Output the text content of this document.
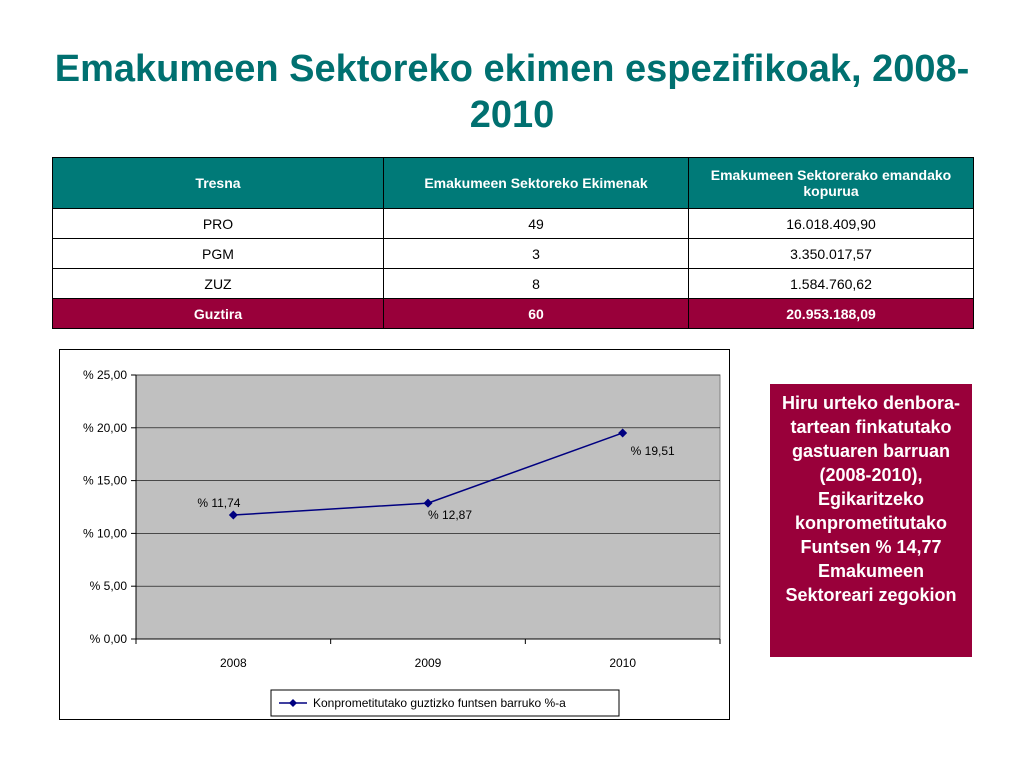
Emakumeen Sektoreko ekimen espezifikoak, 2008-2010
Tresna	Emakumeen Sektoreko Ekimenak	Emakumeen Sektorerako emandako kopurua
PRO	49	16.018.409,90
PGM	3	3.350.017,57
ZUZ	8	1.584.760,62
Guztira	60	20.953.188,09
% 0,00
% 5,00
% 10,00
% 15,00
% 20,00
% 25,00
2008	2009	2010
% 11,74
% 12,87
% 19,51
Konprometitutako guztizko funtsen barruko %-a
Hiru urteko denbora-tartean finkatutako gastuaren barruan (2008-2010), Egikaritzeko konprometitutako Funtsen % 14,77 Emakumeen Sektoreari zegokion
